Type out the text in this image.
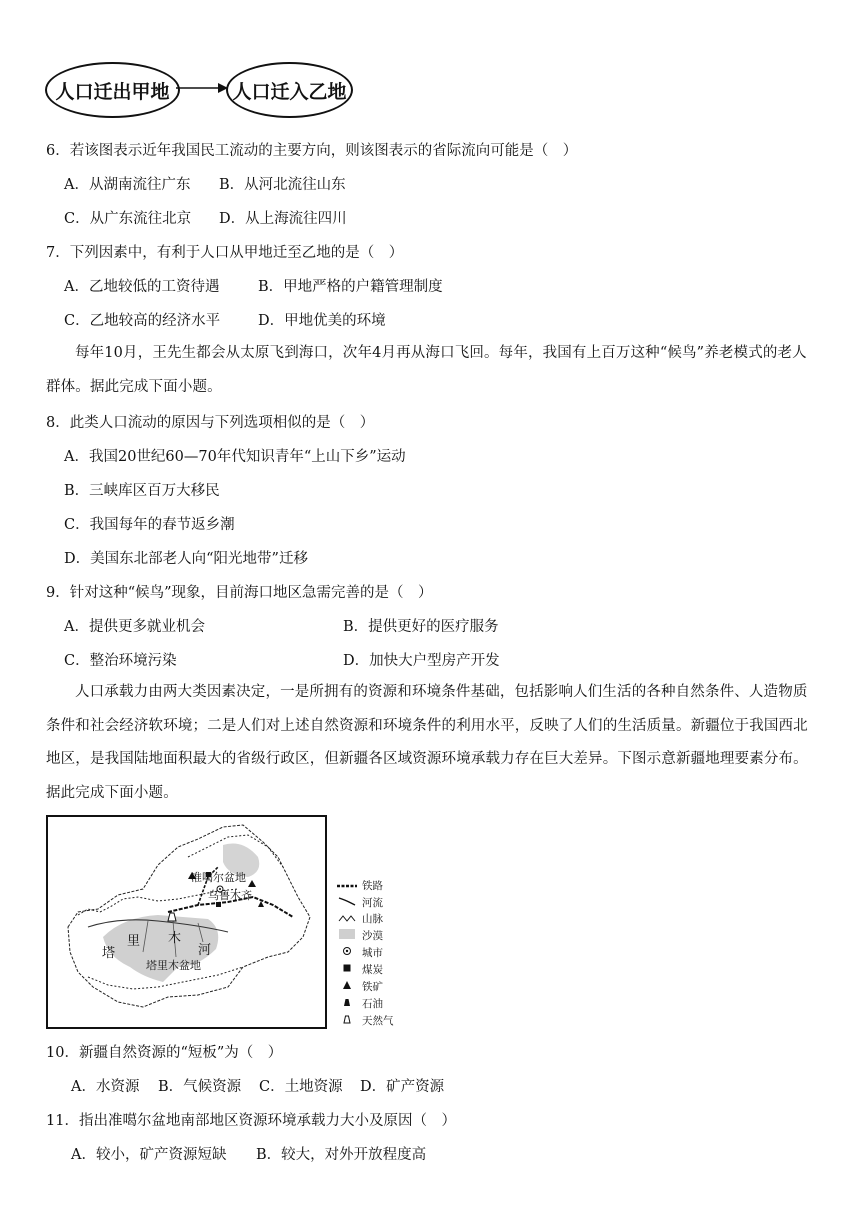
人口迁出甲地	人口迁入乙地
6．若该图表示近年我国民工流动的主要方向，则该图表示的省际流向可能是（　）
A．从湖南流往广东 B．从河北流往山东
C．从广东流往北京 D．从上海流往四川
7．下列因素中，有利于人口从甲地迁至乙地的是（　）
A．乙地较低的工资待遇	B．甲地严格的户籍管理制度
C．乙地较高的经济水平	D．甲地优美的环境
每年10月，王先生都会从太原飞到海口，次年4月再从海口飞回。每年，我国有上百万这种“候鸟”养老模式的老人群体。据此完成下面小题。
8．此类人口流动的原因与下列选项相似的是（　）
A．我国20世纪60—70年代知识青年“上山下乡”运动
B．三峡库区百万大移民
C．我国每年的春节返乡潮
D．美国东北部老人向“阳光地带”迁移
9．针对这种“候鸟”现象，目前海口地区急需完善的是（　）
A．提供更多就业机会	B．提供更好的医疗服务
C．整治环境污染	D．加快大户型房产开发
人口承载力由两大类因素决定，一是所拥有的资源和环境条件基础，包括影响人们生活的各种自然条件、人造物质条件和社会经济软环境；二是人们对上述自然资源和环境条件的利用水平，反映了人们的生活质量。新疆位于我国西北地区，是我国陆地面积最大的省级行政区，但新疆各区域资源环境承载力存在巨大差异。下图示意新疆地理要素分布。据此完成下面小题。
准噶尔盆地
乌鲁木齐
塔
里 木
河
塔里木盆地
铁路
河流
山脉
沙漠
城市
煤炭
铁矿
石油
天然气
10．新疆自然资源的“短板”为（　）
A．水资源 B．气候资源 C．土地资源 D．矿产资源
11．指出准噶尔盆地南部地区资源环境承载力大小及原因（　）
A．较小，矿产资源短缺 B．较大，对外开放程度高
